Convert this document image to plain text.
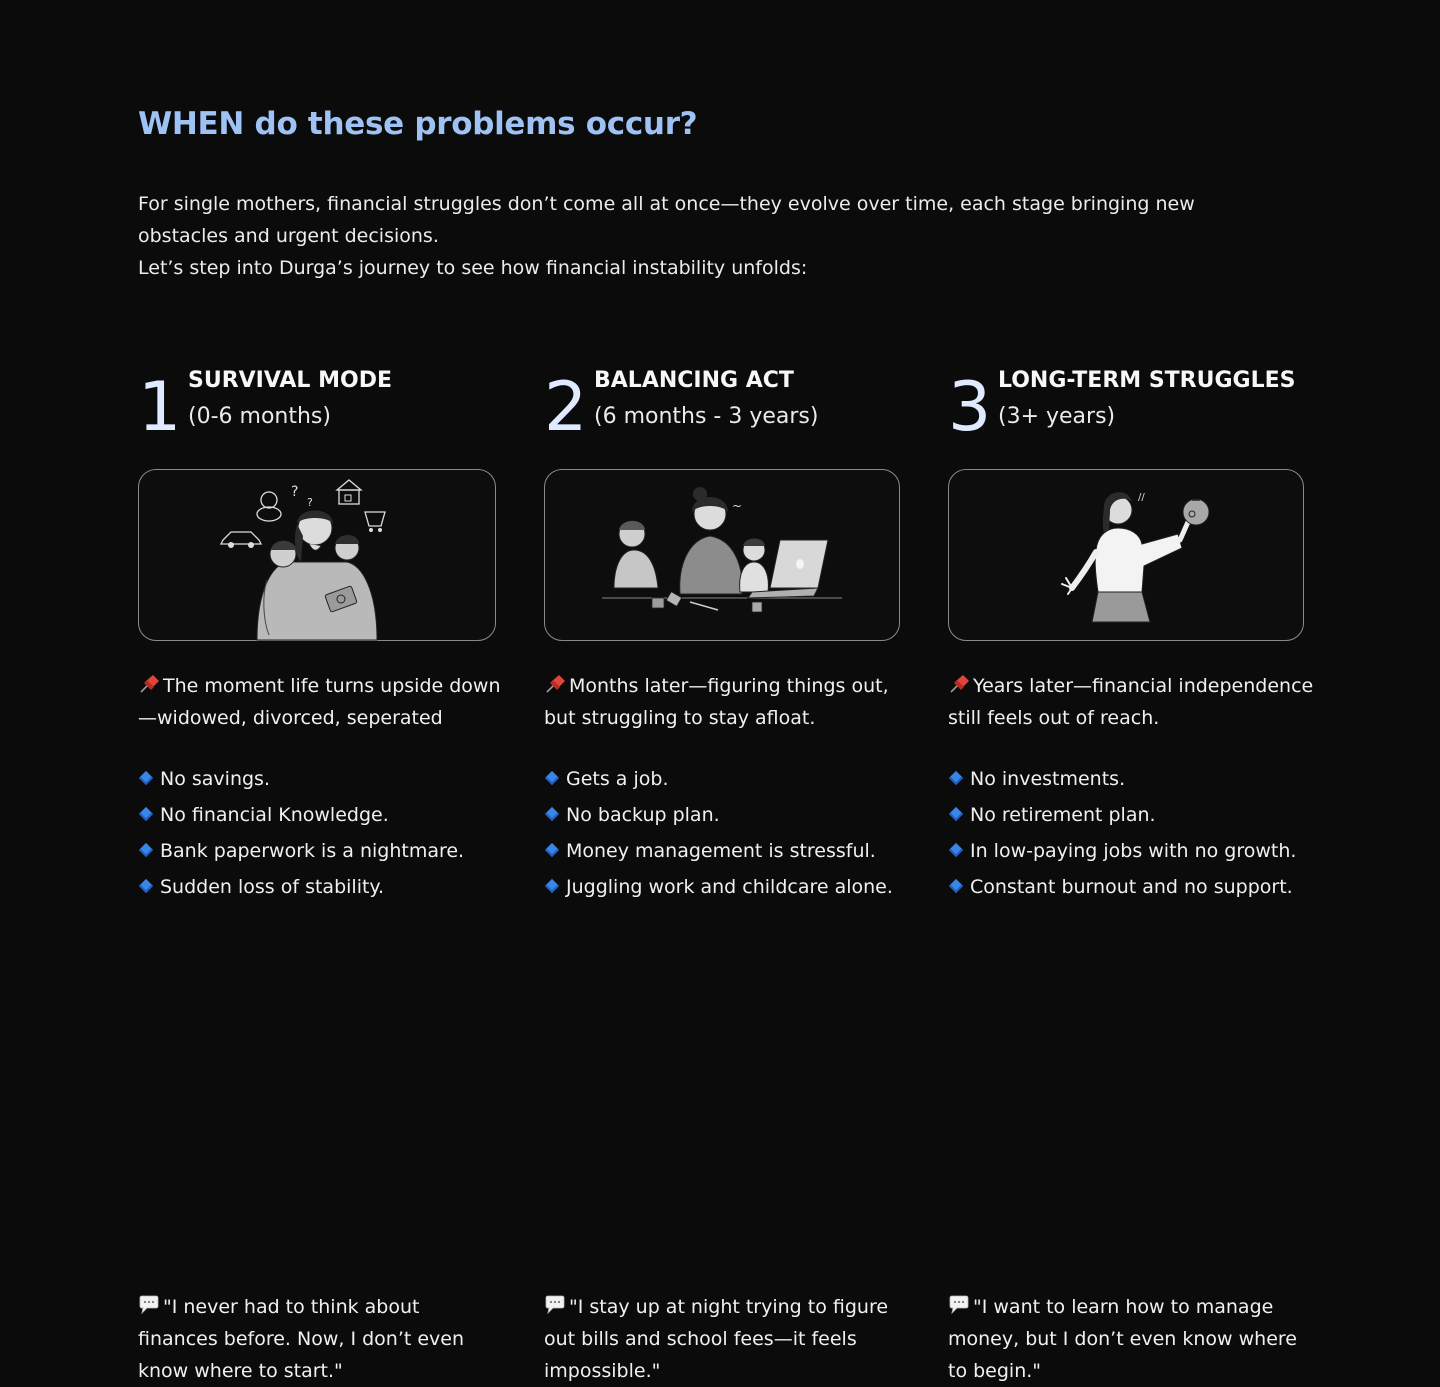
WHEN do these problems occur?

For single mothers, financial struggles don’t come all at once—they evolve over time, each stage bringing new

obstacles and urgent decisions.

Let’s step into Durga’s journey to see how financial instability unfolds:

1 SURVIVAL MODE
(0-6 months)
?
?
The moment life turns upside down—widowed, divorced, seperated
No savings.
No financial Knowledge.
Bank paperwork is a nightmare.
Sudden loss of stability.
"I never had to think about finances before. Now, I don’t even know where to start."
2 BALANCING ACT
(6 months - 3 years)
~
Months later—figuring things out, but struggling to stay afloat.
Gets a job.
No backup plan.
Money management is stressful.
Juggling work and childcare alone.
"I stay up at night trying to figure out bills and school fees—it feels impossible."
3 LONG-TERM STRUGGLES
(3+ years)
//
Years later—financial independence still feels out of reach.
No investments.
No retirement plan.
In low-paying jobs with no growth.
Constant burnout and no support.
"I want to learn how to manage money, but I don’t even know where to begin."
